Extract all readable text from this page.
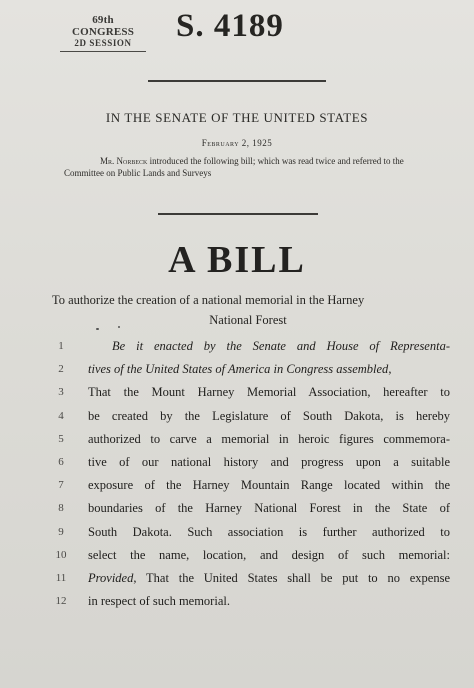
69th CONGRESS
2D SESSION	S. 4189
IN THE SENATE OF THE UNITED STATES
February 2, 1925
Mr. Norbeck introduced the following bill; which was read twice and referred to the Committee on Public Lands and Surveys
A BILL
To authorize the creation of a national memorial in the Harney
National Forest
1	Be it enacted by the Senate and House of Representa-
2	tives of the United States of America in Congress assembled,
3	That the Mount Harney Memorial Association, hereafter to
4	be created by the Legislature of South Dakota, is hereby
5	authorized to carve a memorial in heroic figures commemora-
6	tive of our national history and progress upon a suitable
7	exposure of the Harney Mountain Range located within the
8	boundaries of the Harney National Forest in the State of
9	South Dakota. Such association is further authorized to
10 select the name, location, and design of such memorial:
11 Provided, That the United States shall be put to no expense
12 in respect of such memorial.
